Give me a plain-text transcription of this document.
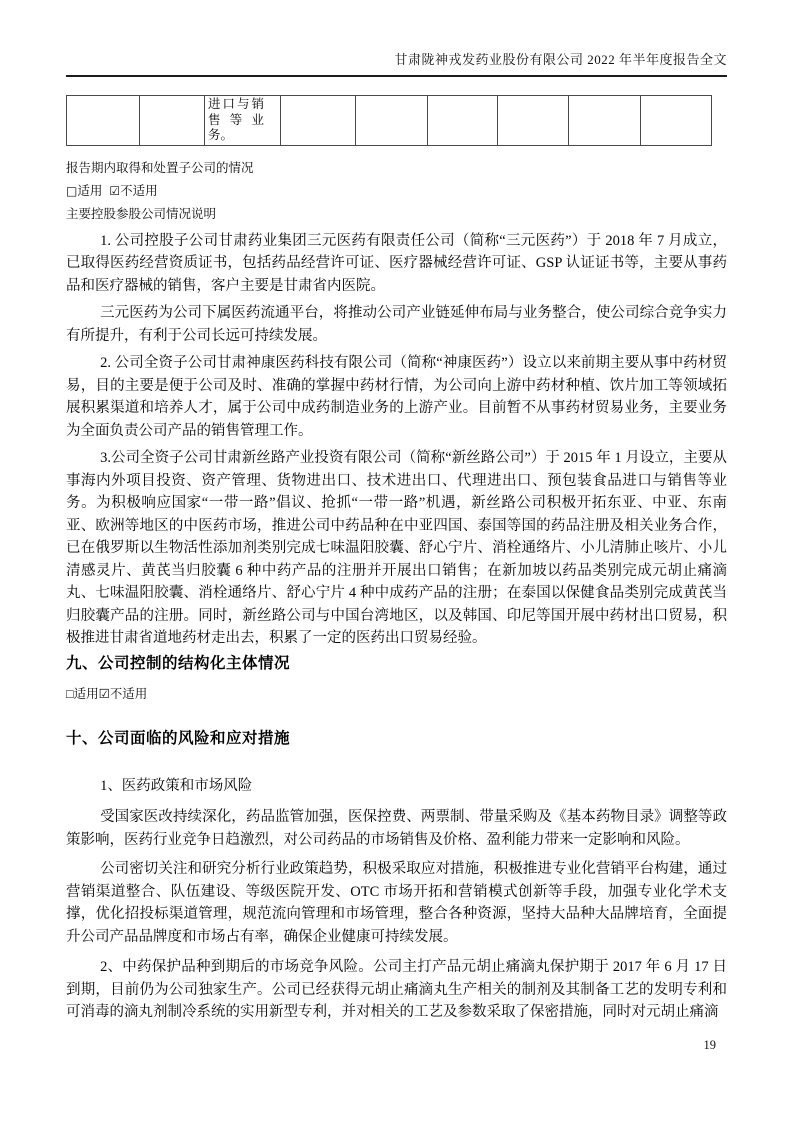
甘肃陇神戎发药业股份有限公司 2022 年半年度报告全文

进口与销售等业务。

报告期内取得和处置子公司的情况
□适用 ☑不适用
主要控股参股公司情况说明

1. 公司控股子公司甘肃药业集团三元医药有限责任公司（简称“三元医药”）于 2018 年 7 月成立，已取得医药经营资质证书，包括药品经营许可证、医疗器械经营许可证、GSP 认证证书等，主要从事药品和医疗器械的销售，客户主要是甘肃省内医院。

三元医药为公司下属医药流通平台，将推动公司产业链延伸布局与业务整合，使公司综合竞争实力有所提升，有利于公司长远可持续发展。

2. 公司全资子公司甘肃神康医药科技有限公司（简称“神康医药”）设立以来前期主要从事中药材贸易，目的主要是便于公司及时、准确的掌握中药材行情，为公司向上游中药材种植、饮片加工等领域拓展积累渠道和培养人才，属于公司中成药制造业务的上游产业。目前暂不从事药材贸易业务，主要业务为全面负责公司产品的销售管理工作。

3.公司全资子公司甘肃新丝路产业投资有限公司（简称“新丝路公司”）于 2015 年 1 月设立，主要从事海内外项目投资、资产管理、货物进出口、技术进出口、代理进出口、预包装食品进口与销售等业务。为积极响应国家“一带一路”倡议、抢抓“一带一路”机遇，新丝路公司积极开拓东亚、中亚、东南亚、欧洲等地区的中医药市场，推进公司中药品种在中亚四国、泰国等国的药品注册及相关业务合作，已在俄罗斯以生物活性添加剂类别完成七味温阳胶囊、舒心宁片、消栓通络片、小儿清肺止咳片、小儿清感灵片、黄芪当归胶囊 6 种中药产品的注册并开展出口销售；在新加坡以药品类别完成元胡止痛滴丸、七味温阳胶囊、消栓通络片、舒心宁片 4 种中成药产品的注册；在泰国以保健食品类别完成黄芪当归胶囊产品的注册。同时，新丝路公司与中国台湾地区，以及韩国、印尼等国开展中药材出口贸易，积极推进甘肃省道地药材走出去，积累了一定的医药出口贸易经验。

九、公司控制的结构化主体情况
□适用☑不适用
十、公司面临的风险和应对措施

1、医药政策和市场风险

受国家医改持续深化，药品监管加强，医保控费、两票制、带量采购及《基本药物目录》调整等政策影响，医药行业竞争日趋激烈，对公司药品的市场销售及价格、盈利能力带来一定影响和风险。

公司密切关注和研究分析行业政策趋势，积极采取应对措施，积极推进专业化营销平台构建，通过营销渠道整合、队伍建设、等级医院开发、OTC 市场开拓和营销模式创新等手段，加强专业化学术支撑，优化招投标渠道管理，规范流向管理和市场管理，整合各种资源，坚持大品种大品牌培育，全面提升公司产品品牌度和市场占有率，确保企业健康可持续发展。

2、中药保护品种到期后的市场竞争风险。公司主打产品元胡止痛滴丸保护期于 2017 年 6 月 17 日到期，目前仍为公司独家生产。公司已经获得元胡止痛滴丸生产相关的制剂及其制备工艺的发明专利和可消毒的滴丸剂制冷系统的实用新型专利，并对相关的工艺及参数采取了保密措施，同时对元胡止痛滴

19
